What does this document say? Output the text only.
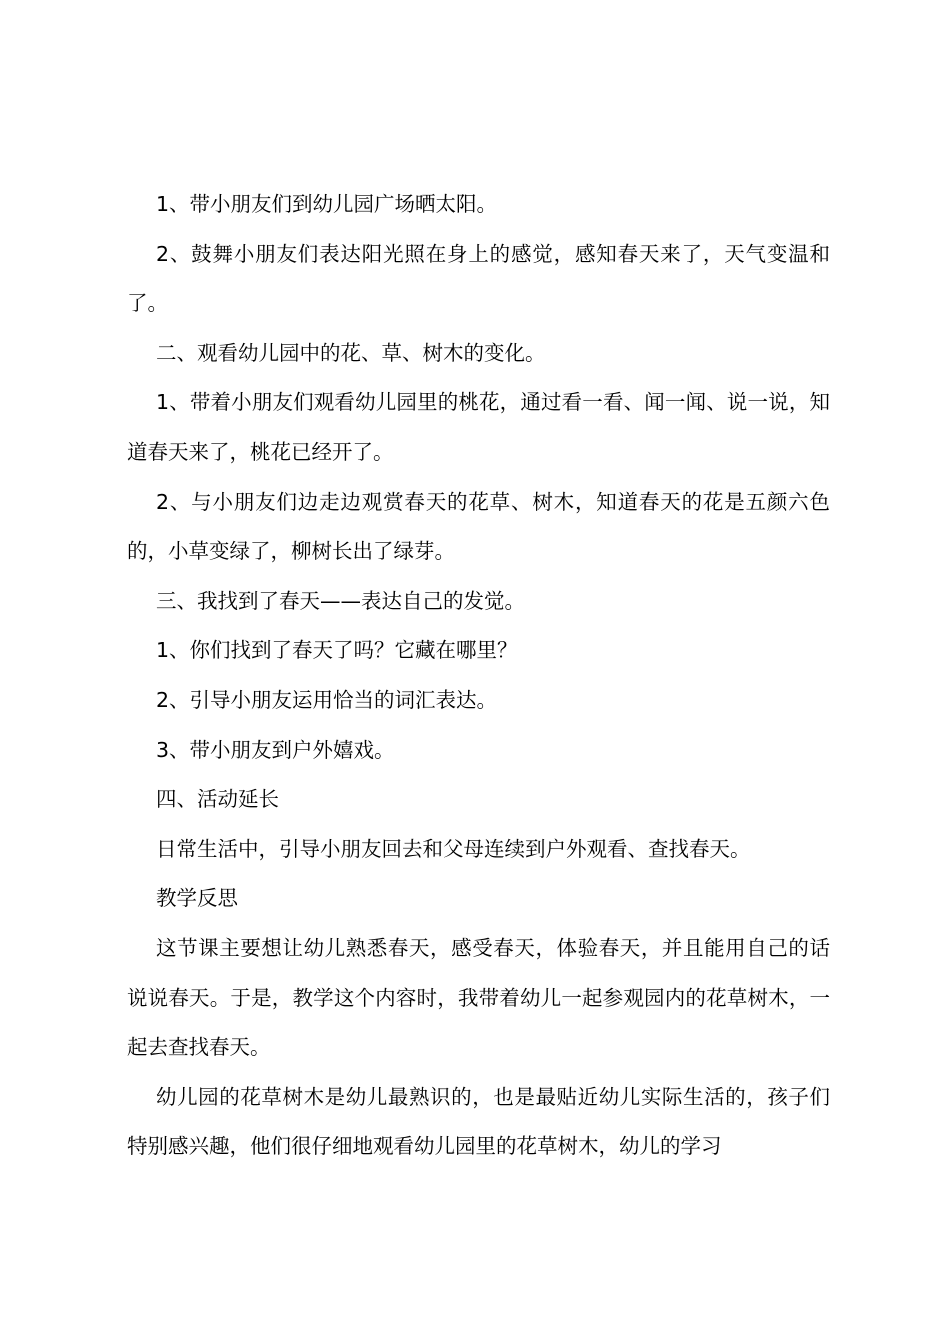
1、带小朋友们到幼儿园广场晒太阳。

2、鼓舞小朋友们表达阳光照在身上的感觉，感知春天来了，天气变温和了。

二、观看幼儿园中的花、草、树木的变化。

1、带着小朋友们观看幼儿园里的桃花，通过看一看、闻一闻、说一说，知道春天来了，桃花已经开了。

2、与小朋友们边走边观赏春天的花草、树木，知道春天的花是五颜六色的，小草变绿了，柳树长出了绿芽。

三、我找到了春天——表达自己的发觉。

1、你们找到了春天了吗？它藏在哪里？

2、引导小朋友运用恰当的词汇表达。

3、带小朋友到户外嬉戏。

四、活动延长

日常生活中，引导小朋友回去和父母连续到户外观看、查找春天。

教学反思

这节课主要想让幼儿熟悉春天，感受春天，体验春天，并且能用自己的话说说春天。于是，教学这个内容时，我带着幼儿一起参观园内的花草树木，一起去查找春天。

幼儿园的花草树木是幼儿最熟识的，也是最贴近幼儿实际生活的，孩子们特别感兴趣，他们很仔细地观看幼儿园里的花草树木，幼儿的学习
